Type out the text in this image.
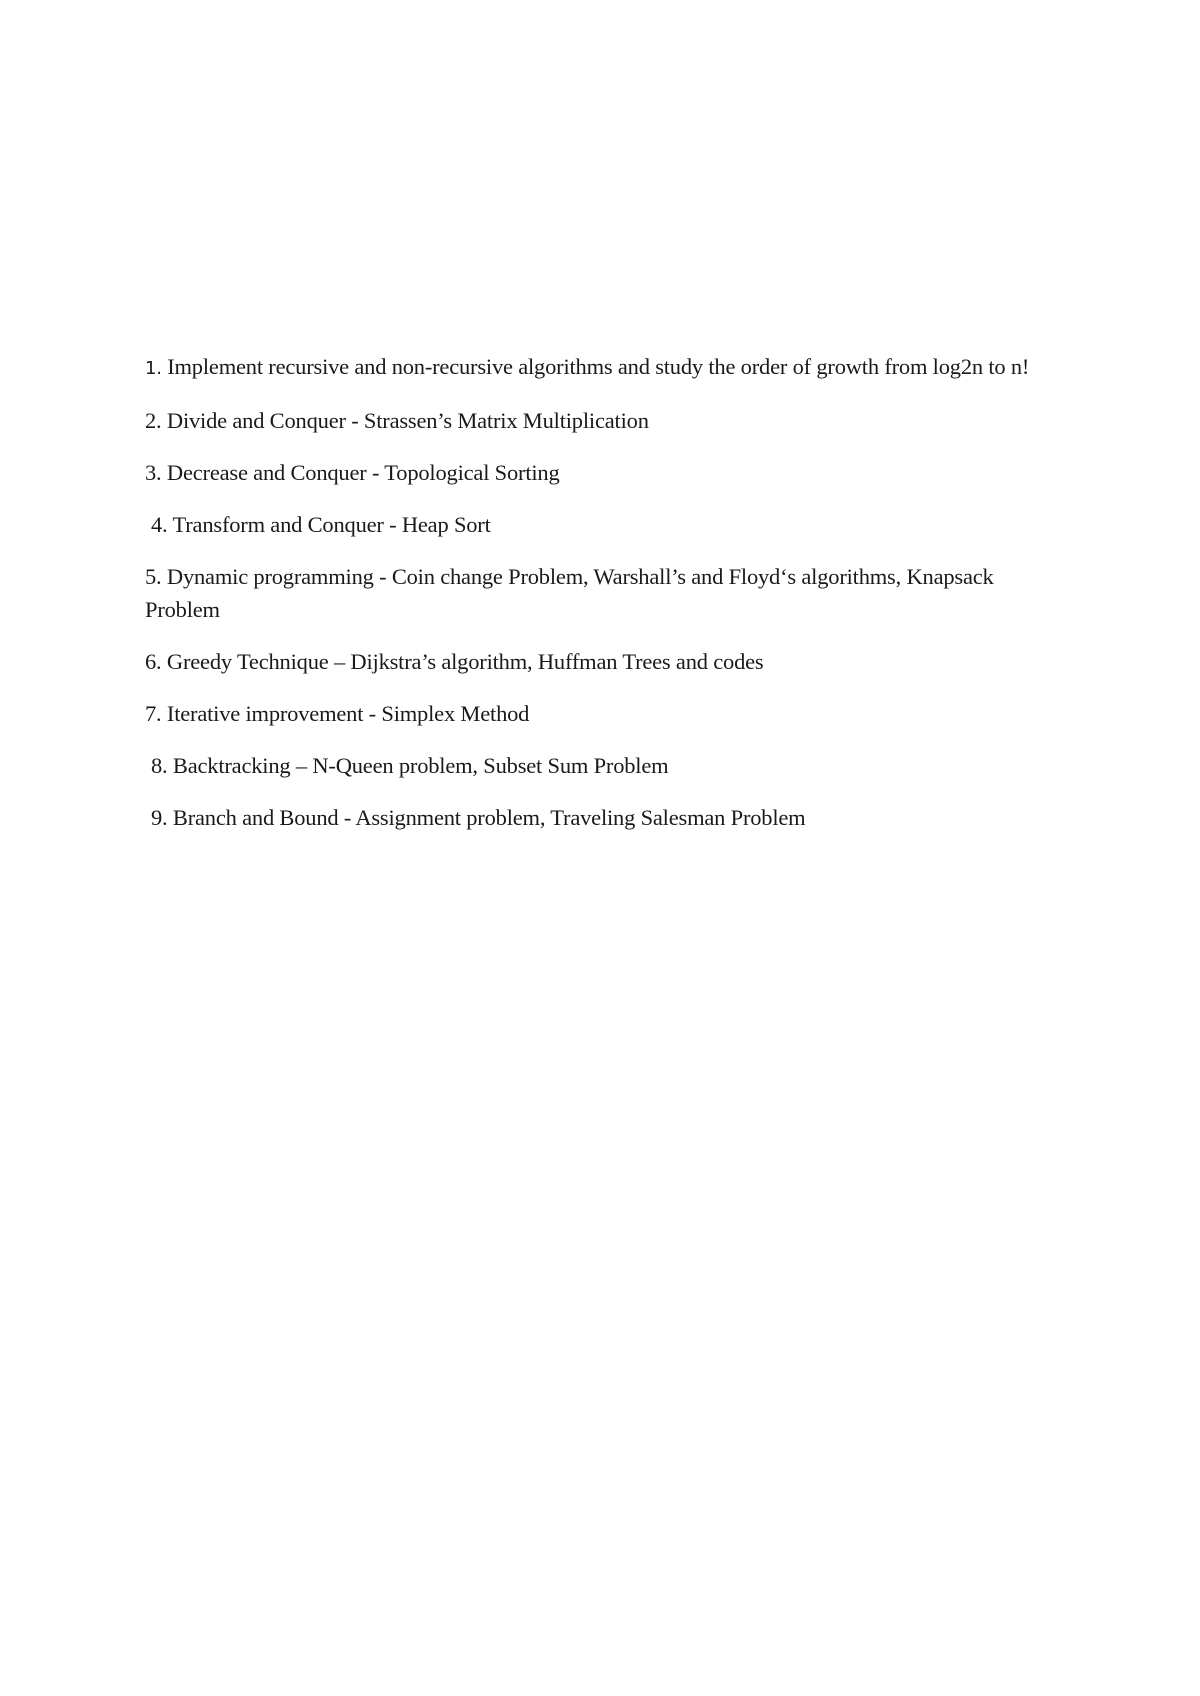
1. Implement recursive and non-recursive algorithms and study the order of growth from log2n to n!
2. Divide and Conquer - Strassen’s Matrix Multiplication
3. Decrease and Conquer - Topological Sorting
4. Transform and Conquer - Heap Sort
5. Dynamic programming - Coin change Problem, Warshall’s and Floyd‘s algorithms, Knapsack Problem
6. Greedy Technique – Dijkstra’s algorithm, Huffman Trees and codes
7. Iterative improvement - Simplex Method
8. Backtracking – N-Queen problem, Subset Sum Problem
9. Branch and Bound - Assignment problem, Traveling Salesman Problem
